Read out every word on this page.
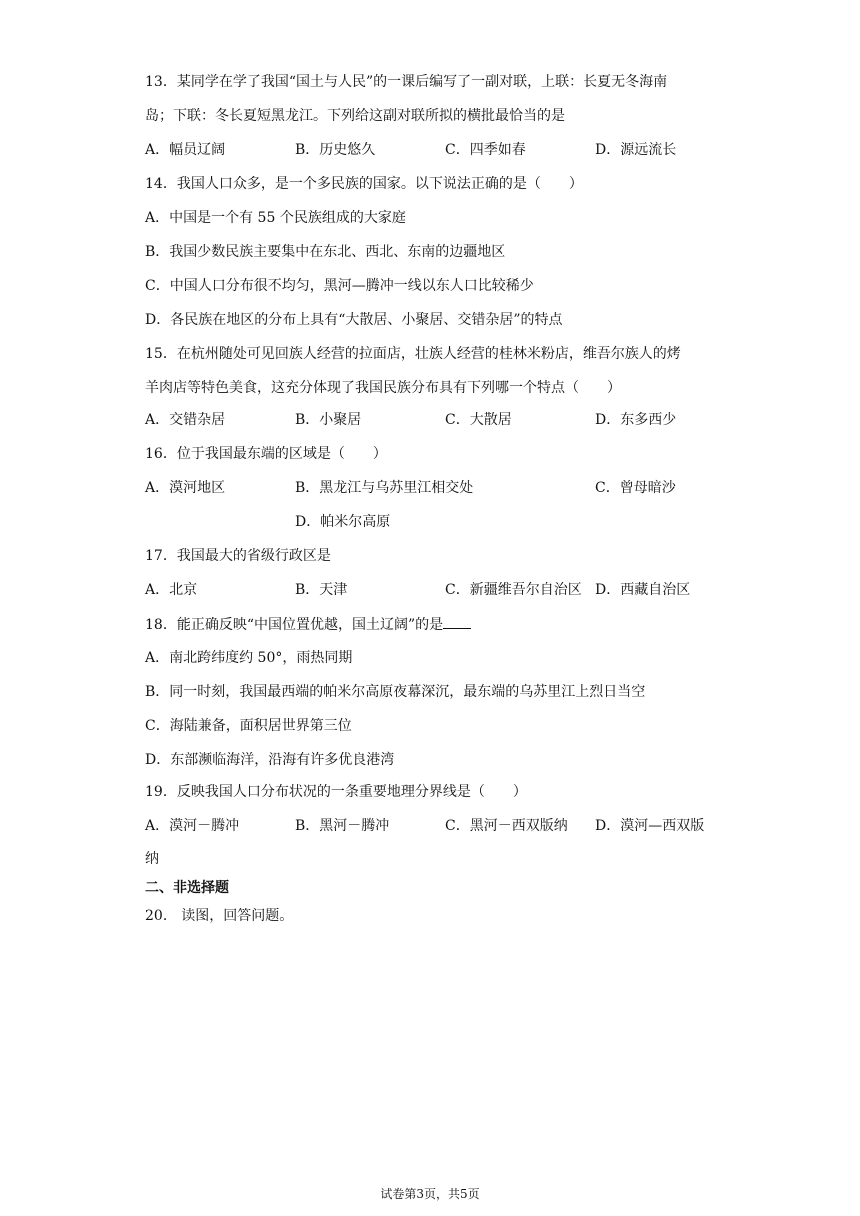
13．某同学在学了我国“国土与人民”的一课后编写了一副对联，上联：长夏无冬海南
岛；下联：冬长夏短黑龙江。下列给这副对联所拟的横批最恰当的是
A．幅员辽阔	B．历史悠久	C．四季如春	D．源远流长
14．我国人口众多，是一个多民族的国家。以下说法正确的是（　　）
A．中国是一个有 55 个民族组成的大家庭
B．我国少数民族主要集中在东北、西北、东南的边疆地区
C．中国人口分布很不均匀，黑河—腾冲一线以东人口比较稀少
D．各民族在地区的分布上具有“大散居、小聚居、交错杂居”的特点
15．在杭州随处可见回族人经营的拉面店，壮族人经营的桂林米粉店，维吾尔族人的烤
羊肉店等特色美食，这充分体现了我国民族分布具有下列哪一个特点（　　）
A．交错杂居	B．小聚居	C．大散居	D．东多西少
16．位于我国最东端的区域是（　　）
A．漠河地区	B．黑龙江与乌苏里江相交处	C．曾母暗沙
D．帕米尔高原
17．我国最大的省级行政区是
A．北京	B．天津	C．新疆维吾尔自治区 D．西藏自治区
18．能正确反映“中国位置优越，国土辽阔”的是
A．南北跨纬度约 50°，雨热同期
B．同一时刻，我国最西端的帕米尔高原夜幕深沉，最东端的乌苏里江上烈日当空
C．海陆兼备，面积居世界第三位
D．东部濒临海洋，沿海有许多优良港湾
19．反映我国人口分布状况的一条重要地理分界线是（　　）
A．漠河－腾冲	B．黑河－腾冲	C．黑河－西双版纳 D．漠河—西双版
纳
二、非选择题
20． 读图，回答问题。
试卷第3页，共5页
